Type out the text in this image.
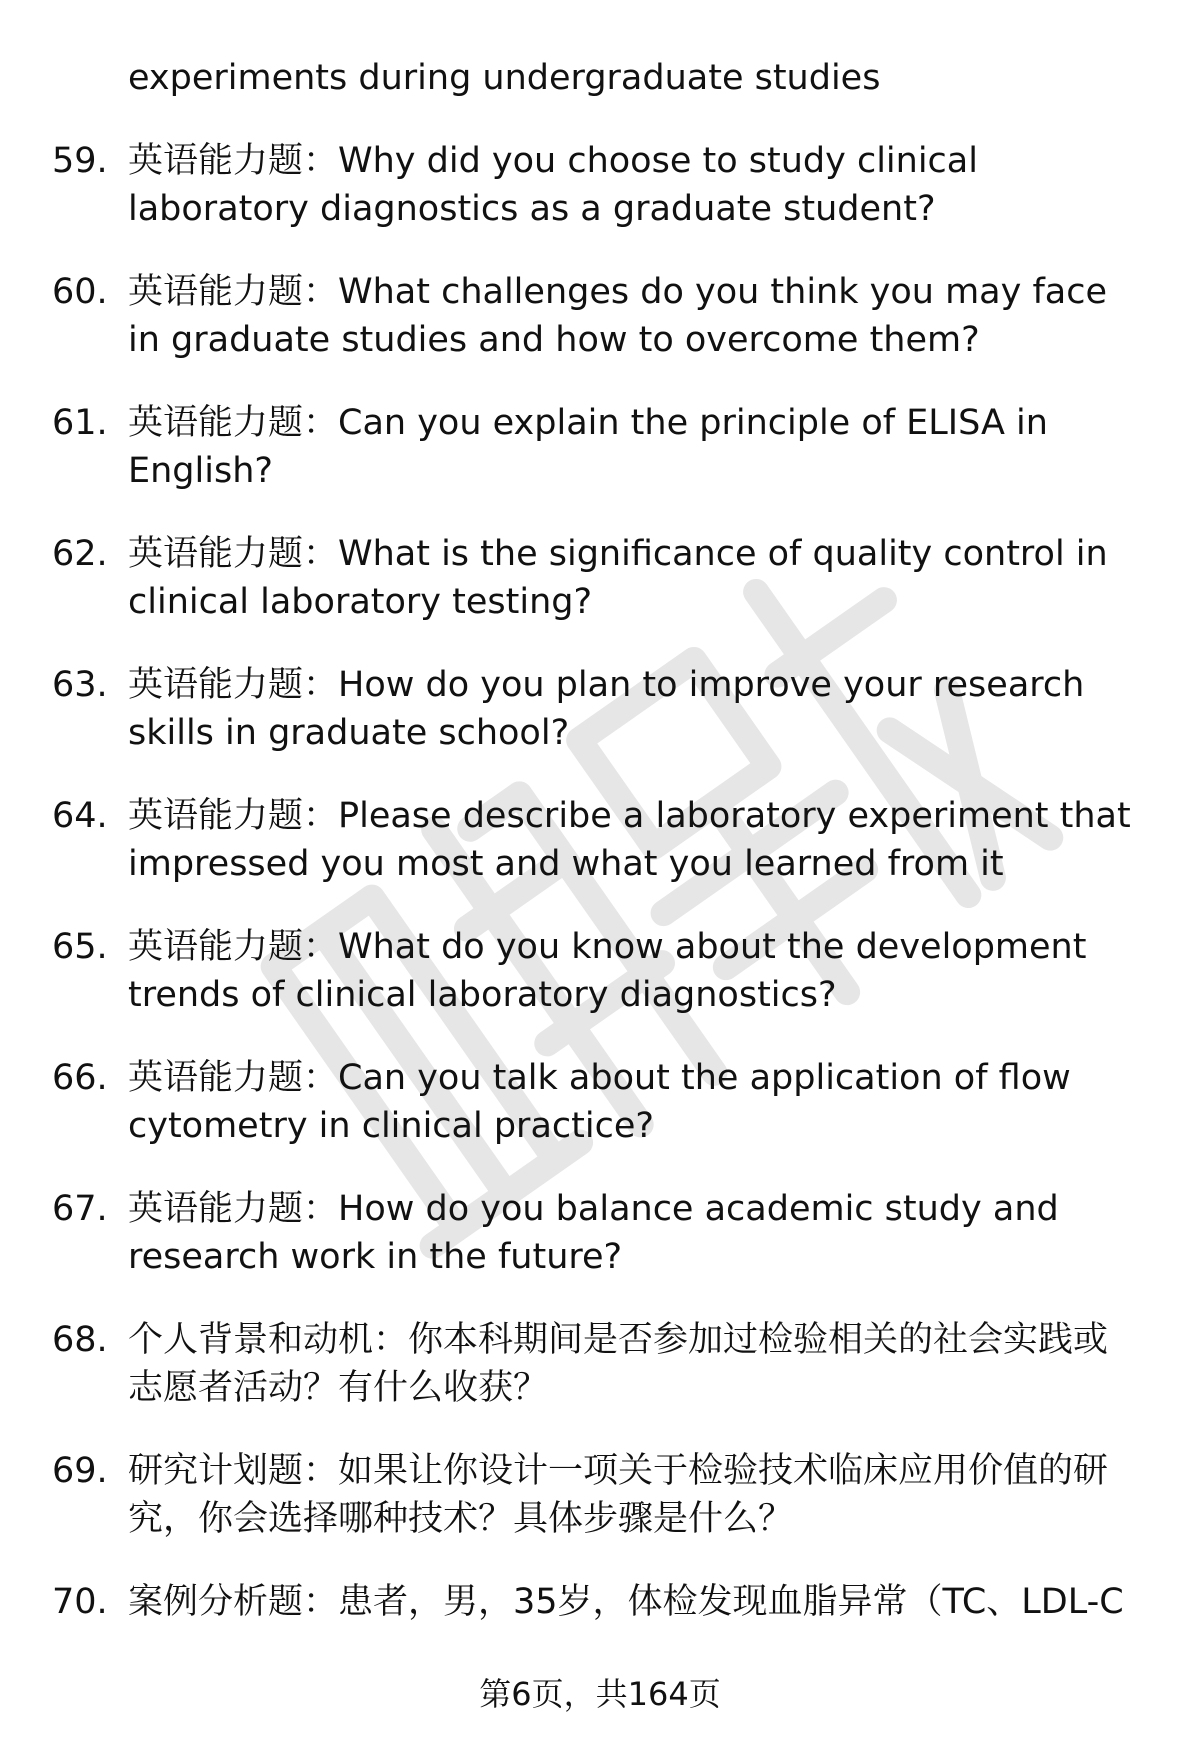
experiments during undergraduate studies
59. 英语能力题：Why did you choose to study clinical laboratory diagnostics as a graduate student?
60. 英语能力题：What challenges do you think you may face in graduate studies and how to overcome them?
61. 英语能力题：Can you explain the principle of ELISA in English?
62. 英语能力题：What is the significance of quality control in clinical laboratory testing?
63. 英语能力题：How do you plan to improve your research skills in graduate school?
64. 英语能力题：Please describe a laboratory experiment that impressed you most and what you learned from it
65. 英语能力题：What do you know about the development trends of clinical laboratory diagnostics?
66. 英语能力题：Can you talk about the application of flow cytometry in clinical practice?
67. 英语能力题：How do you balance academic study and research work in the future?
68. 个人背景和动机：你本科期间是否参加过检验相关的社会实践或志愿者活动？有什么收获？
69. 研究计划题：如果让你设计一项关于检验技术临床应用价值的研究，你会选择哪种技术？具体步骤是什么？
70. 案例分析题：患者，男，35岁，体检发现血脂异常（TC、LDL-C
第6页，共164页
